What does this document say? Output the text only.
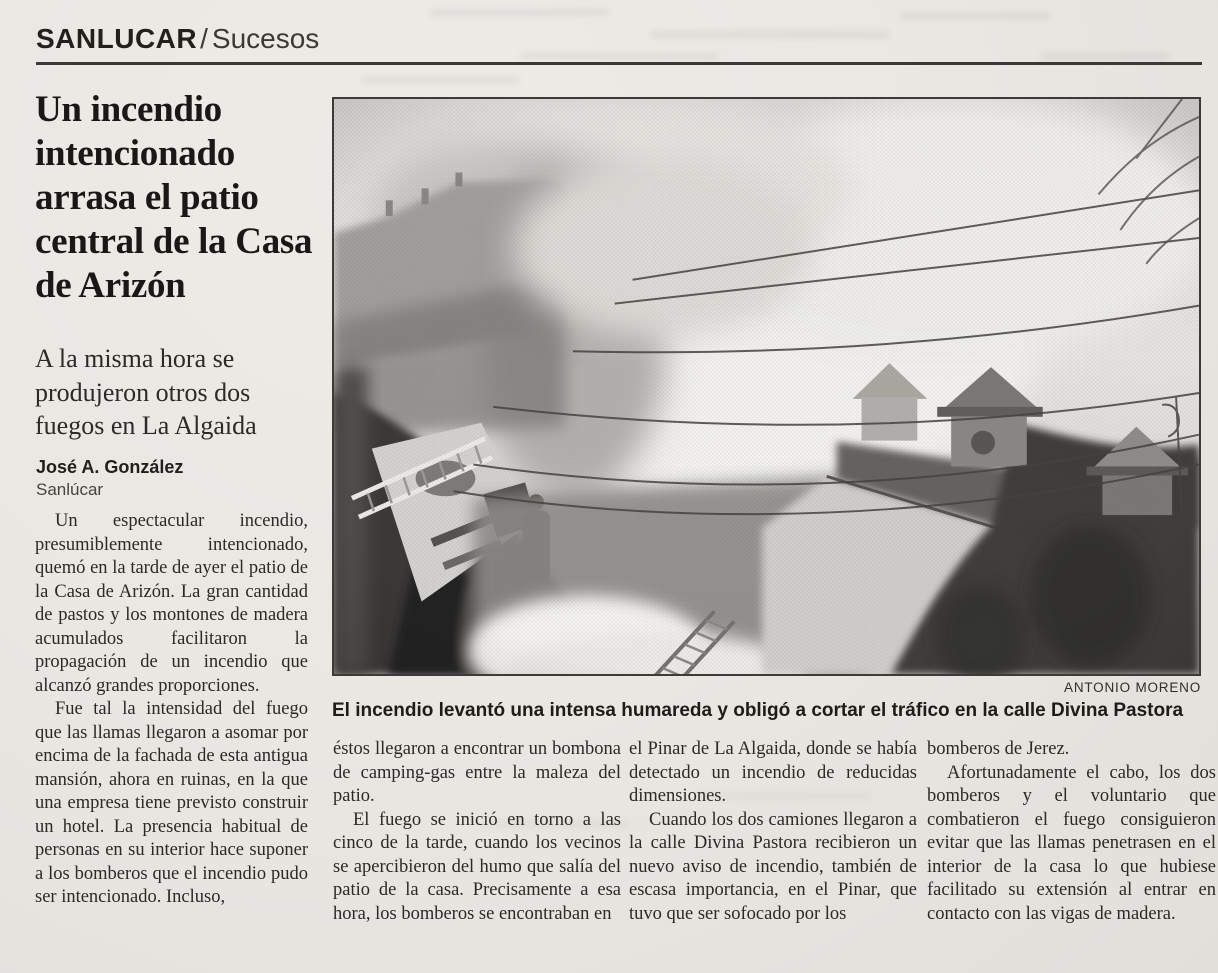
SANLUCAR / Sucesos
Un incendio intencionado arrasa el patio central de la Casa de Arizón
A la misma hora se produjeron otros dos fuegos en La Algaida
José A. González
Sanlúcar

Un espectacular incendio, presumiblemente intencionado, quemó en la tarde de ayer el patio de la Casa de Arizón. La gran cantidad de pastos y los montones de madera acumulados facilitaron la propagación de un incendio que alcanzó grandes proporciones.

Fue tal la intensidad del fuego que las llamas llegaron a asomar por encima de la fachada de esta antigua mansión, ahora en ruinas, en la que una empresa tiene previsto construir un hotel. La presencia habitual de personas en su interior hace suponer a los bomberos que el incendio pudo ser intencionado. Incluso,

ANTONIO MORENO
El incendio levantó una intensa humareda y obligó a cortar el tráfico en la calle Divina Pastora

éstos llegaron a encontrar un bombona de camping-gas entre la maleza del patio.

El fuego se inició en torno a las cinco de la tarde, cuando los vecinos se apercibieron del humo que salía del patio de la casa. Precisamente a esa hora, los bomberos se encontraban en

el Pinar de La Algaida, donde se había detectado un incendio de reducidas dimensiones.

Cuando los dos camiones llegaron a la calle Divina Pastora recibieron un nuevo aviso de incendio, también de escasa importancia, en el Pinar, que tuvo que ser sofocado por los

bomberos de Jerez.

Afortunadamente el cabo, los dos bomberos y el voluntario que combatieron el fuego consiguieron evitar que las llamas penetrasen en el interior de la casa lo que hubiese facilitado su extensión al entrar en contacto con las vigas de madera.
